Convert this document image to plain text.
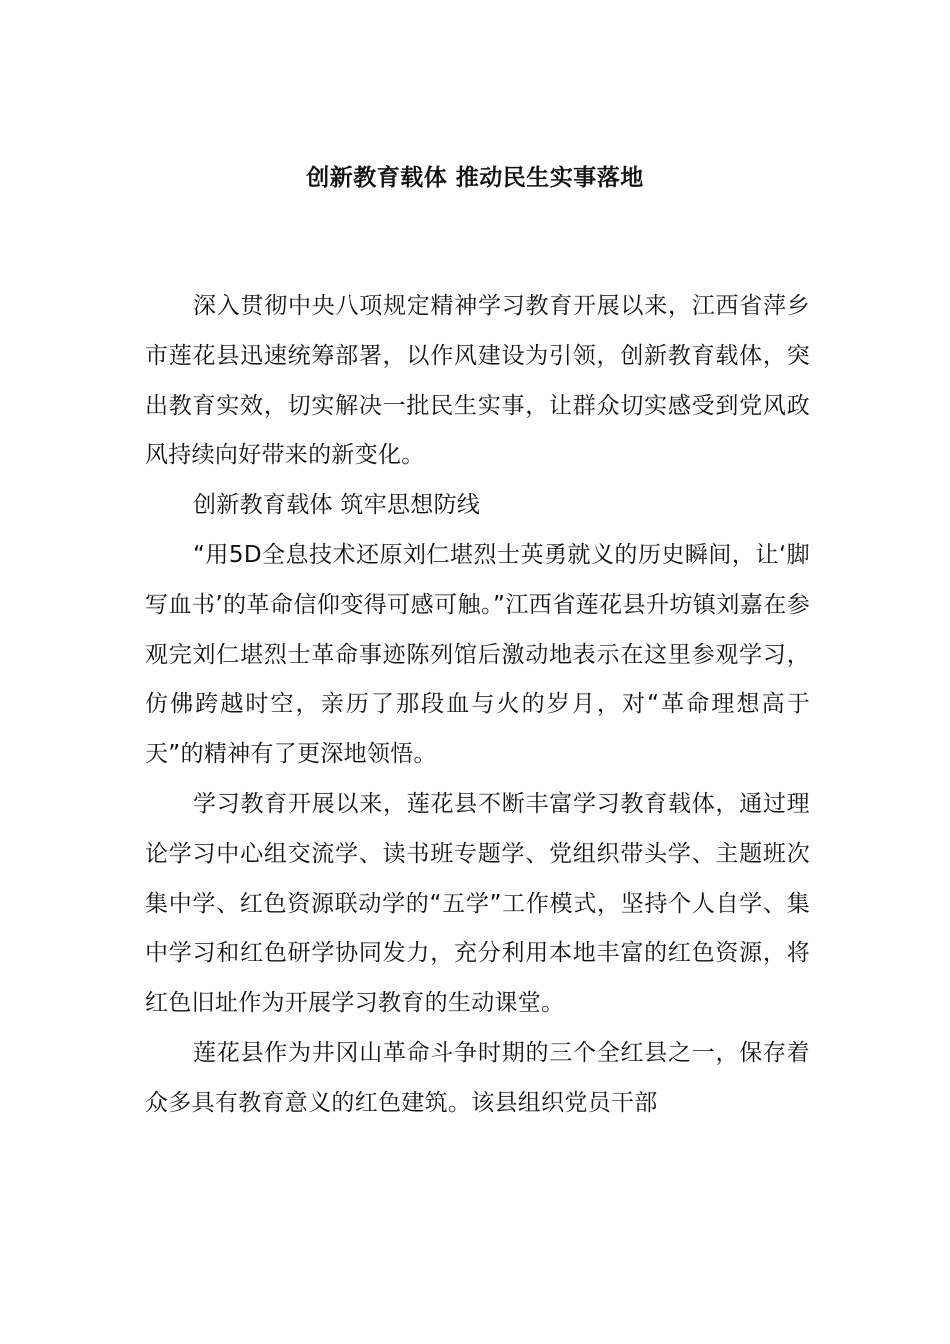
创新教育载体 推动民生实事落地

深入贯彻中央八项规定精神学习教育开展以来，江西省萍乡市莲花县迅速统筹部署，以作风建设为引领，创新教育载体，突出教育实效，切实解决一批民生实事，让群众切实感受到党风政风持续向好带来的新变化。

创新教育载体 筑牢思想防线

“用5D全息技术还原刘仁堪烈士英勇就义的历史瞬间，让‘脚写血书’的革命信仰变得可感可触。”江西省莲花县升坊镇刘嘉在参观完刘仁堪烈士革命事迹陈列馆后激动地表示在这里参观学习，仿佛跨越时空，亲历了那段血与火的岁月，对“革命理想高于天”的精神有了更深地领悟。

学习教育开展以来，莲花县不断丰富学习教育载体，通过理论学习中心组交流学、读书班专题学、党组织带头学、主题班次集中学、红色资源联动学的“五学”工作模式，坚持个人自学、集中学习和红色研学协同发力，充分利用本地丰富的红色资源，将红色旧址作为开展学习教育的生动课堂。

莲花县作为井冈山革命斗争时期的三个全红县之一，保存着众多具有教育意义的红色建筑。该县组织党员干部
